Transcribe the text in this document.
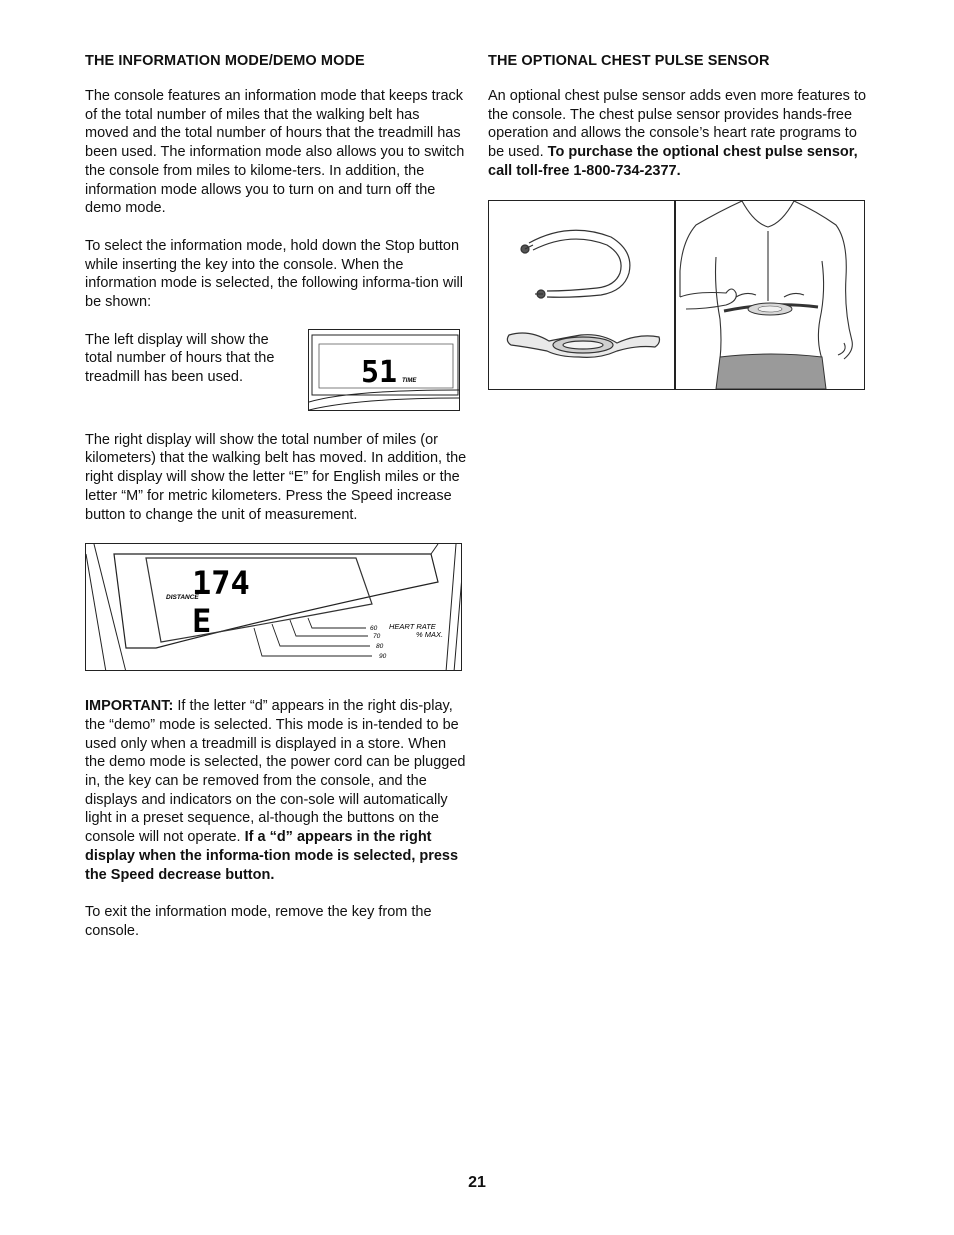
THE INFORMATION MODE/DEMO MODE

The console features an information mode that keeps track of the total number of miles that the walking belt has moved and the total number of hours that the treadmill has been used. The information mode also allows you to switch the console from miles to kilome-ters. In addition, the information mode allows you to turn on and turn off the demo mode.

To select the information mode, hold down the Stop button while inserting the key into the console. When the information mode is selected, the following informa-tion will be shown:

The left display will show the total number of hours that the treadmill has been used.	51 TIME

The right display will show the total number of miles (or kilometers) that the walking belt has moved. In addition, the right display will show the letter “E” for English miles or the letter “M” for metric kilometers. Press the Speed increase button to change the unit of measurement.

174
E
DISTANCE
60
70
80
90
HEART RATE
% MAX.

IMPORTANT: If the letter “d” appears in the right dis-play, the “demo” mode is selected. This mode is in-tended to be used only when a treadmill is displayed in a store. When the demo mode is selected, the power cord can be plugged in, the key can be removed from the console, and the displays and indicators on the con-sole will automatically light in a preset sequence, al-though the buttons on the console will not operate. If a “d” appears in the right display when the informa-tion mode is selected, press the Speed decrease button.

To exit the information mode, remove the key from the console.

THE OPTIONAL CHEST PULSE SENSOR

An optional chest pulse sensor adds even more features to the console. The chest pulse sensor provides hands-free operation and allows the console’s heart rate programs to be used. To purchase the optional chest pulse sensor, call toll-free 1-800-734-2377.

21
